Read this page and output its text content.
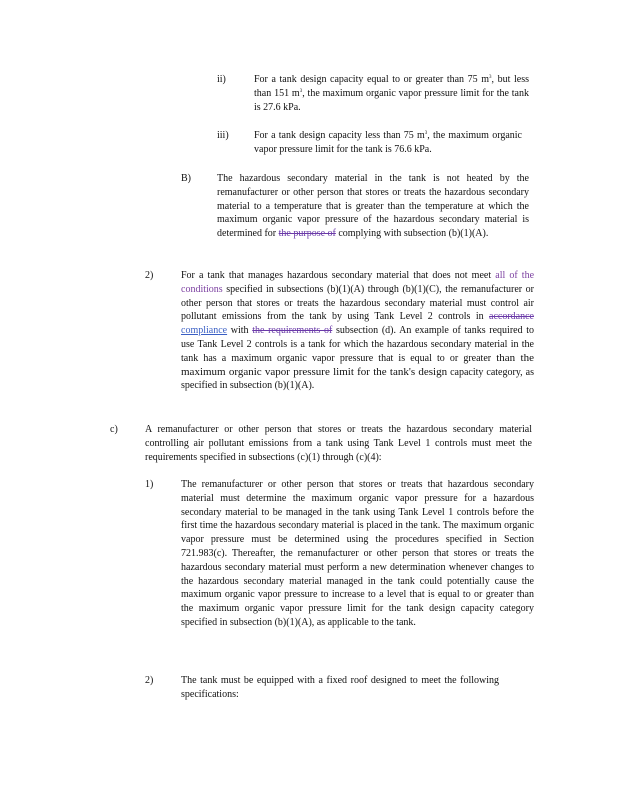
ii)	For a tank design capacity equal to or greater than 75 $m^3$, but less than 151 $m^3$, the maximum organic vapor pressure limit for the tank is 27.6 kPa.

iii)	For a tank design capacity less than 75 $m^3$, the maximum organic vapor pressure limit for the tank is 76.6 kPa.

B)	The hazardous secondary material in the tank is not heated by the remanufacturer or other person that stores or treats the hazardous secondary material to a temperature that is greater than the temperature at which the maximum organic vapor pressure of the hazardous secondary material is determined for the purpose of complying with subsection (b)(1)(A).

2)	For a tank that manages hazardous secondary material that does not meet all of the conditions specified in subsections (b)(1)(A) through (b)(1)(C), the remanufacturer or other person that stores or treats the hazardous secondary material must control air pollutant emissions from the tank by using Tank Level 2 controls in accordance compliance with the requirements of subsection (d). An example of tanks required to use Tank Level 2 controls is a tank for which the hazardous secondary material in the tank has a maximum organic vapor pressure that is equal to or greater than the maximum organic vapor pressure limit for the tank's design capacity category, as specified in subsection (b)(1)(A).

c)	A remanufacturer or other person that stores or treats the hazardous secondary material controlling air pollutant emissions from a tank using Tank Level 1 controls must meet the requirements specified in subsections (c)(1) through (c)(4):

1)	The remanufacturer or other person that stores or treats that hazardous secondary material must determine the maximum organic vapor pressure for a hazardous secondary material to be managed in the tank using Tank Level 1 controls before the first time the hazardous secondary material is placed in the tank. The maximum organic vapor pressure must be determined using the procedures specified in Section 721.983(c). Thereafter, the remanufacturer or other person that stores or treats the hazardous secondary material must perform a new determination whenever changes to the hazardous secondary material managed in the tank could potentially cause the maximum organic vapor pressure to increase to a level that is equal to or greater than the maximum organic vapor pressure limit for the tank design capacity category specified in subsection (b)(1)(A), as applicable to the tank.

2)	The tank must be equipped with a fixed roof designed to meet the following specifications:
